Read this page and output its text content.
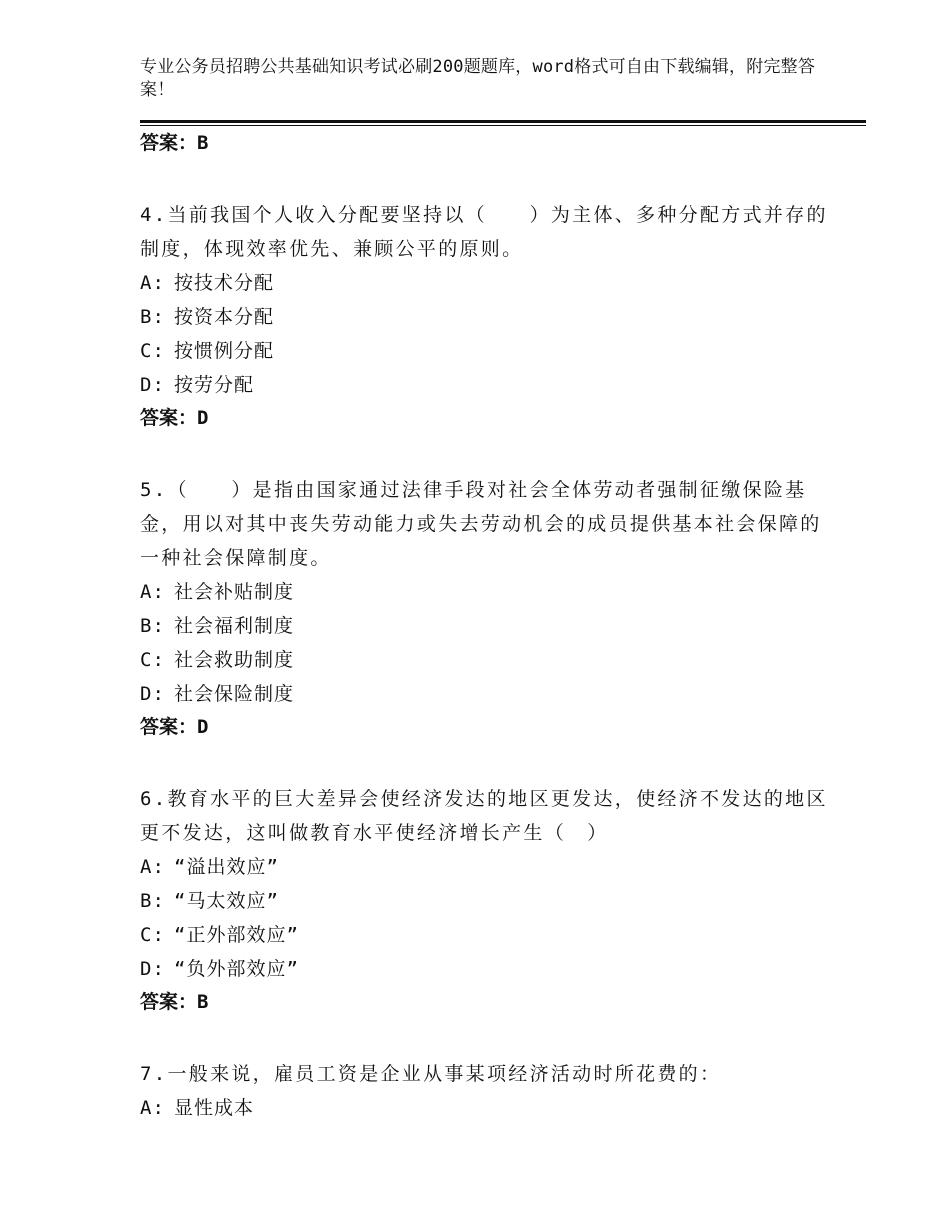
专业公务员招聘公共基础知识考试必刷200题题库，word格式可自由下载编辑，附完整答案！
答案：B
4.当前我国个人收入分配要坚持以（　　）为主体、多种分配方式并存的制度，体现效率优先、兼顾公平的原则。
A: 按技术分配
B: 按资本分配
C: 按惯例分配
D: 按劳分配
答案：D
5.（　　）是指由国家通过法律手段对社会全体劳动者强制征缴保险基金，用以对其中丧失劳动能力或失去劳动机会的成员提供基本社会保障的一种社会保障制度。
A: 社会补贴制度
B: 社会福利制度
C: 社会救助制度
D: 社会保险制度
答案：D
6.教育水平的巨大差异会使经济发达的地区更发达，使经济不发达的地区更不发达，这叫做教育水平使经济增长产生（　）
A: “溢出效应”
B: “马太效应”
C: “正外部效应”
D: “负外部效应”
答案：B
7.一般来说，雇员工资是企业从事某项经济活动时所花费的：
A: 显性成本
